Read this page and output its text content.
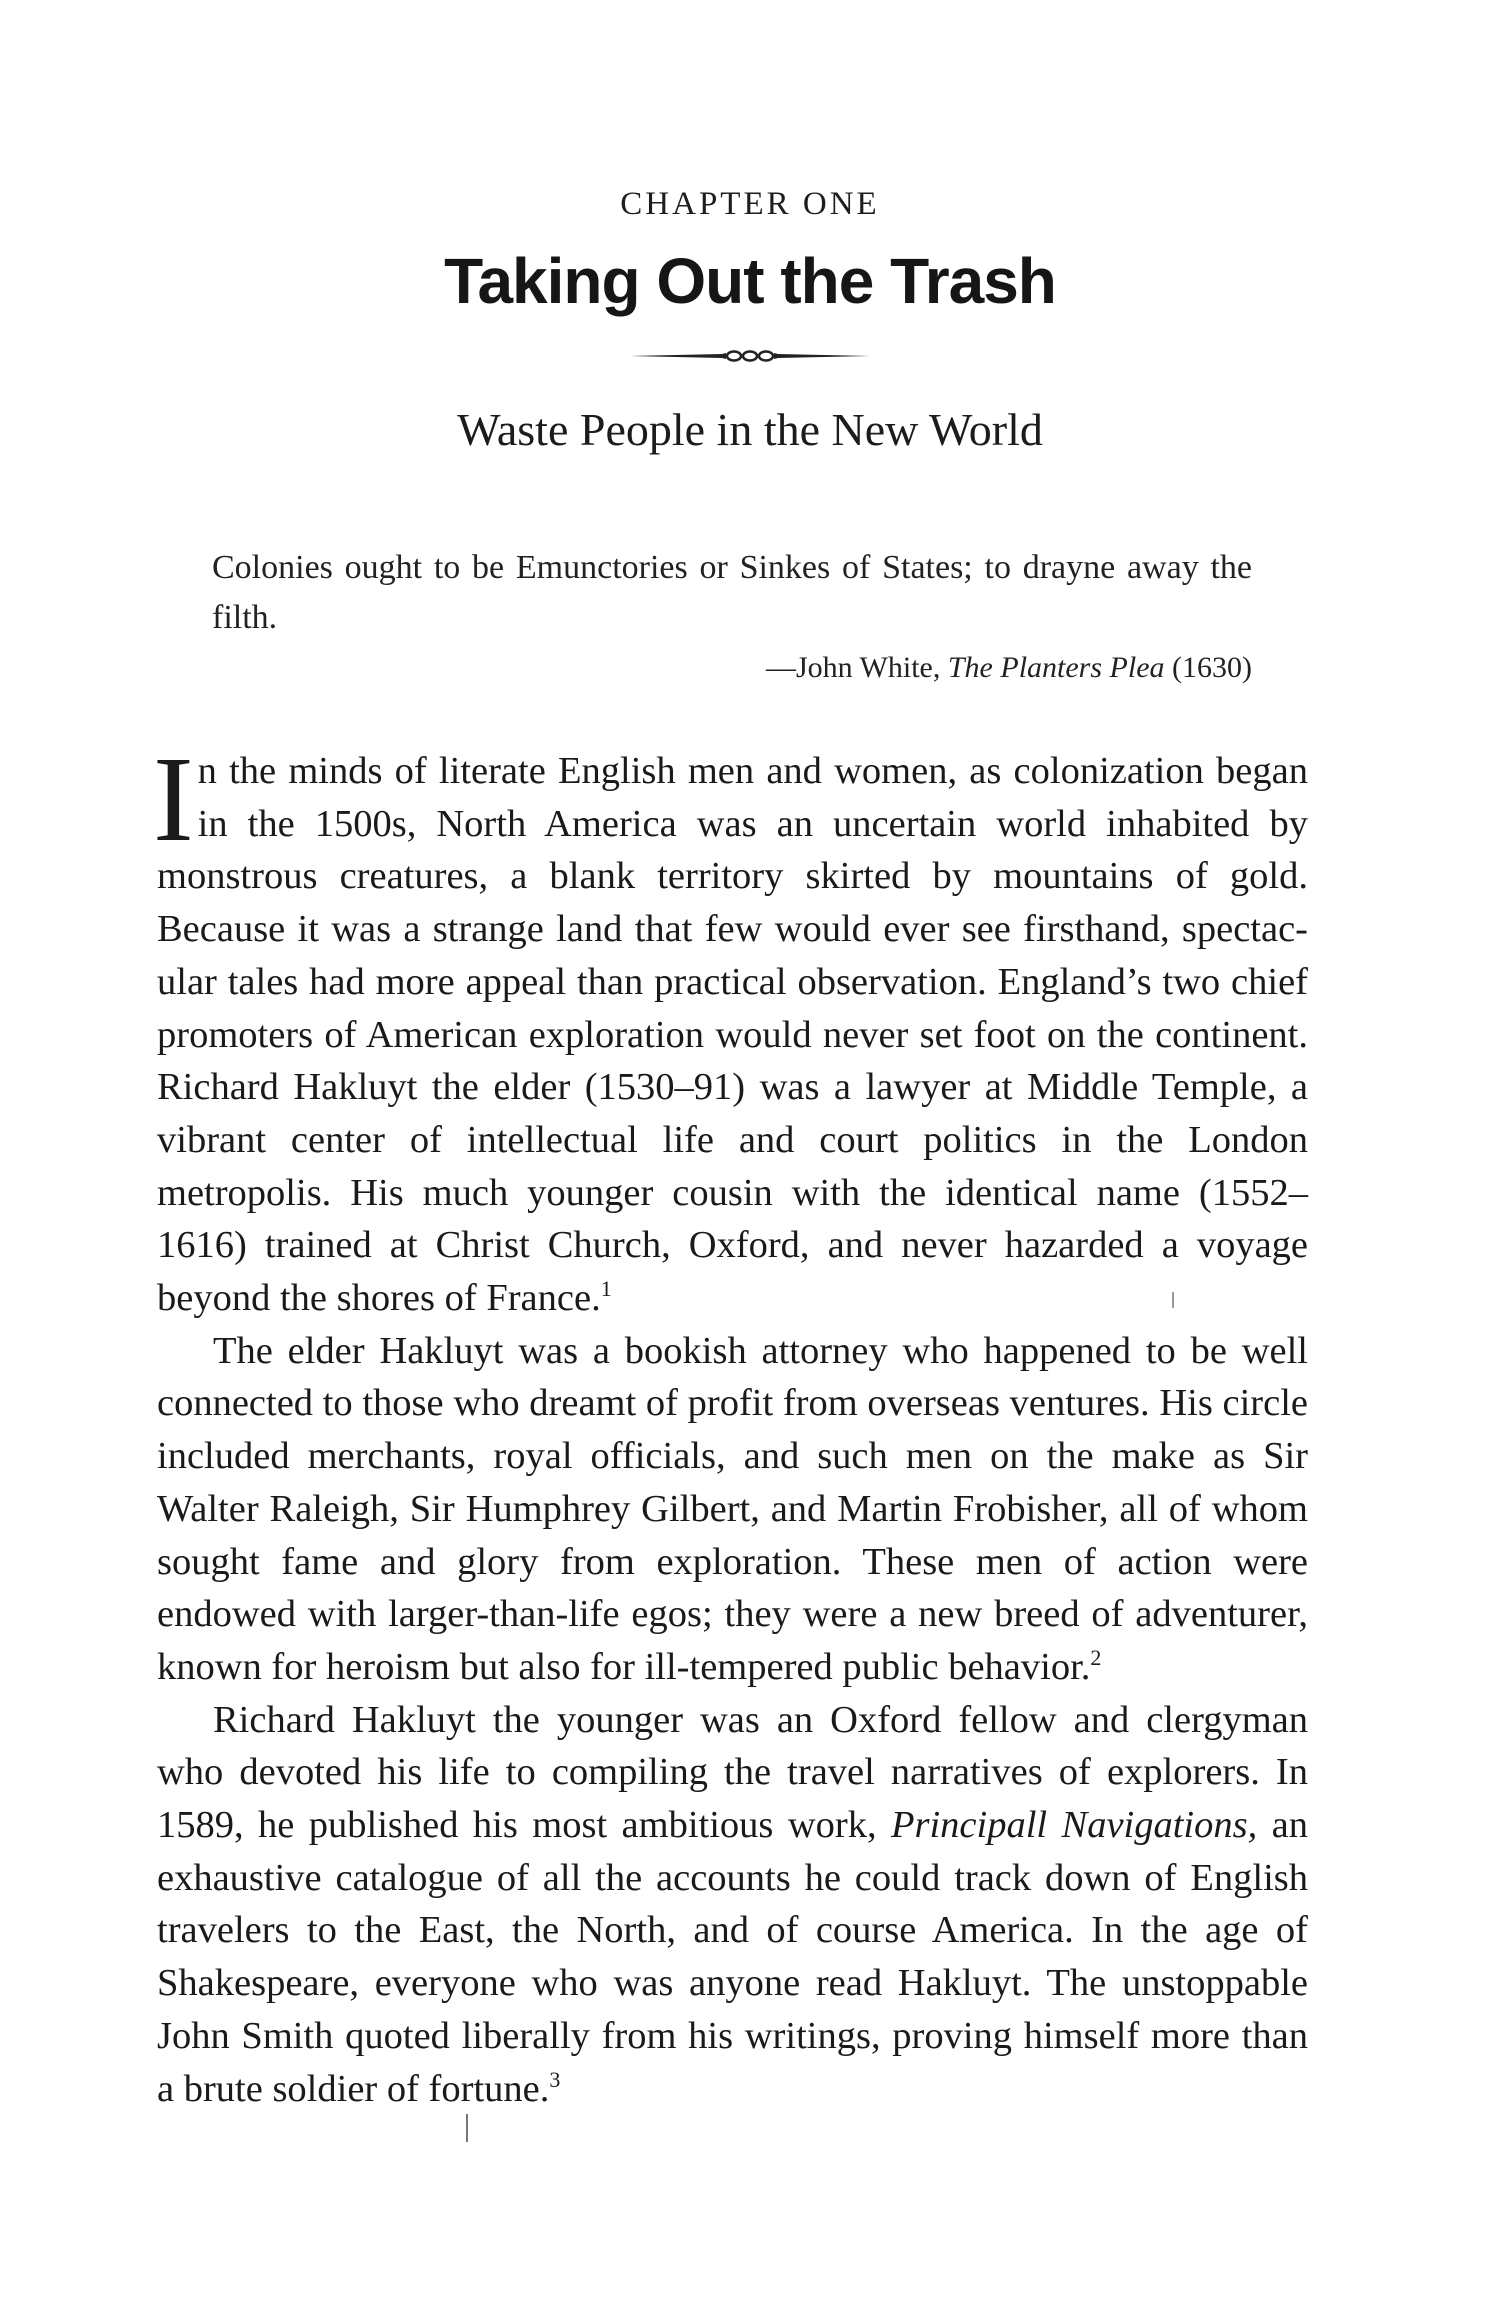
CHAPTER ONE
Taking Out the Trash
Waste People in the New World
Colonies ought to be Emunctories or Sinkes of States; to drayne away the filth.
—John White, The Planters Plea (1630)

In the minds of literate English men and women, as colonization began in the 1500s, North America was an uncertain world inhabited by monstrous creatures, a blank territory skirted by mountains of gold. Because it was a strange land that few would ever see firsthand, spectacular tales had more appeal than practical observation. England’s two chief promoters of American exploration would never set foot on the continent. Richard Hakluyt the elder (1530–91) was a lawyer at Middle Temple, a vibrant center of intellectual life and court politics in the London metropolis. His much younger cousin with the identical name (1552–1616) trained at Christ Church, Oxford, and never hazarded a voyage beyond the shores of France.$^1$

The elder Hakluyt was a bookish attorney who happened to be well connected to those who dreamt of profit from overseas ventures. His circle included merchants, royal officials, and such men on the make as Sir Walter Raleigh, Sir Humphrey Gilbert, and Martin Frobisher, all of whom sought fame and glory from exploration. These men of action were endowed with larger-than-life egos; they were a new breed of adventurer, known for heroism but also for ill-tempered public behavior.$^2$

Richard Hakluyt the younger was an Oxford fellow and clergyman who devoted his life to compiling the travel narratives of explorers. In 1589, he published his most ambitious work, Principall Navigations, an exhaustive catalogue of all the accounts he could track down of English travelers to the East, the North, and of course America. In the age of Shakespeare, everyone who was anyone read Hakluyt. The unstoppable John Smith quoted liberally from his writings, proving himself more than a brute soldier of fortune.$^3$
